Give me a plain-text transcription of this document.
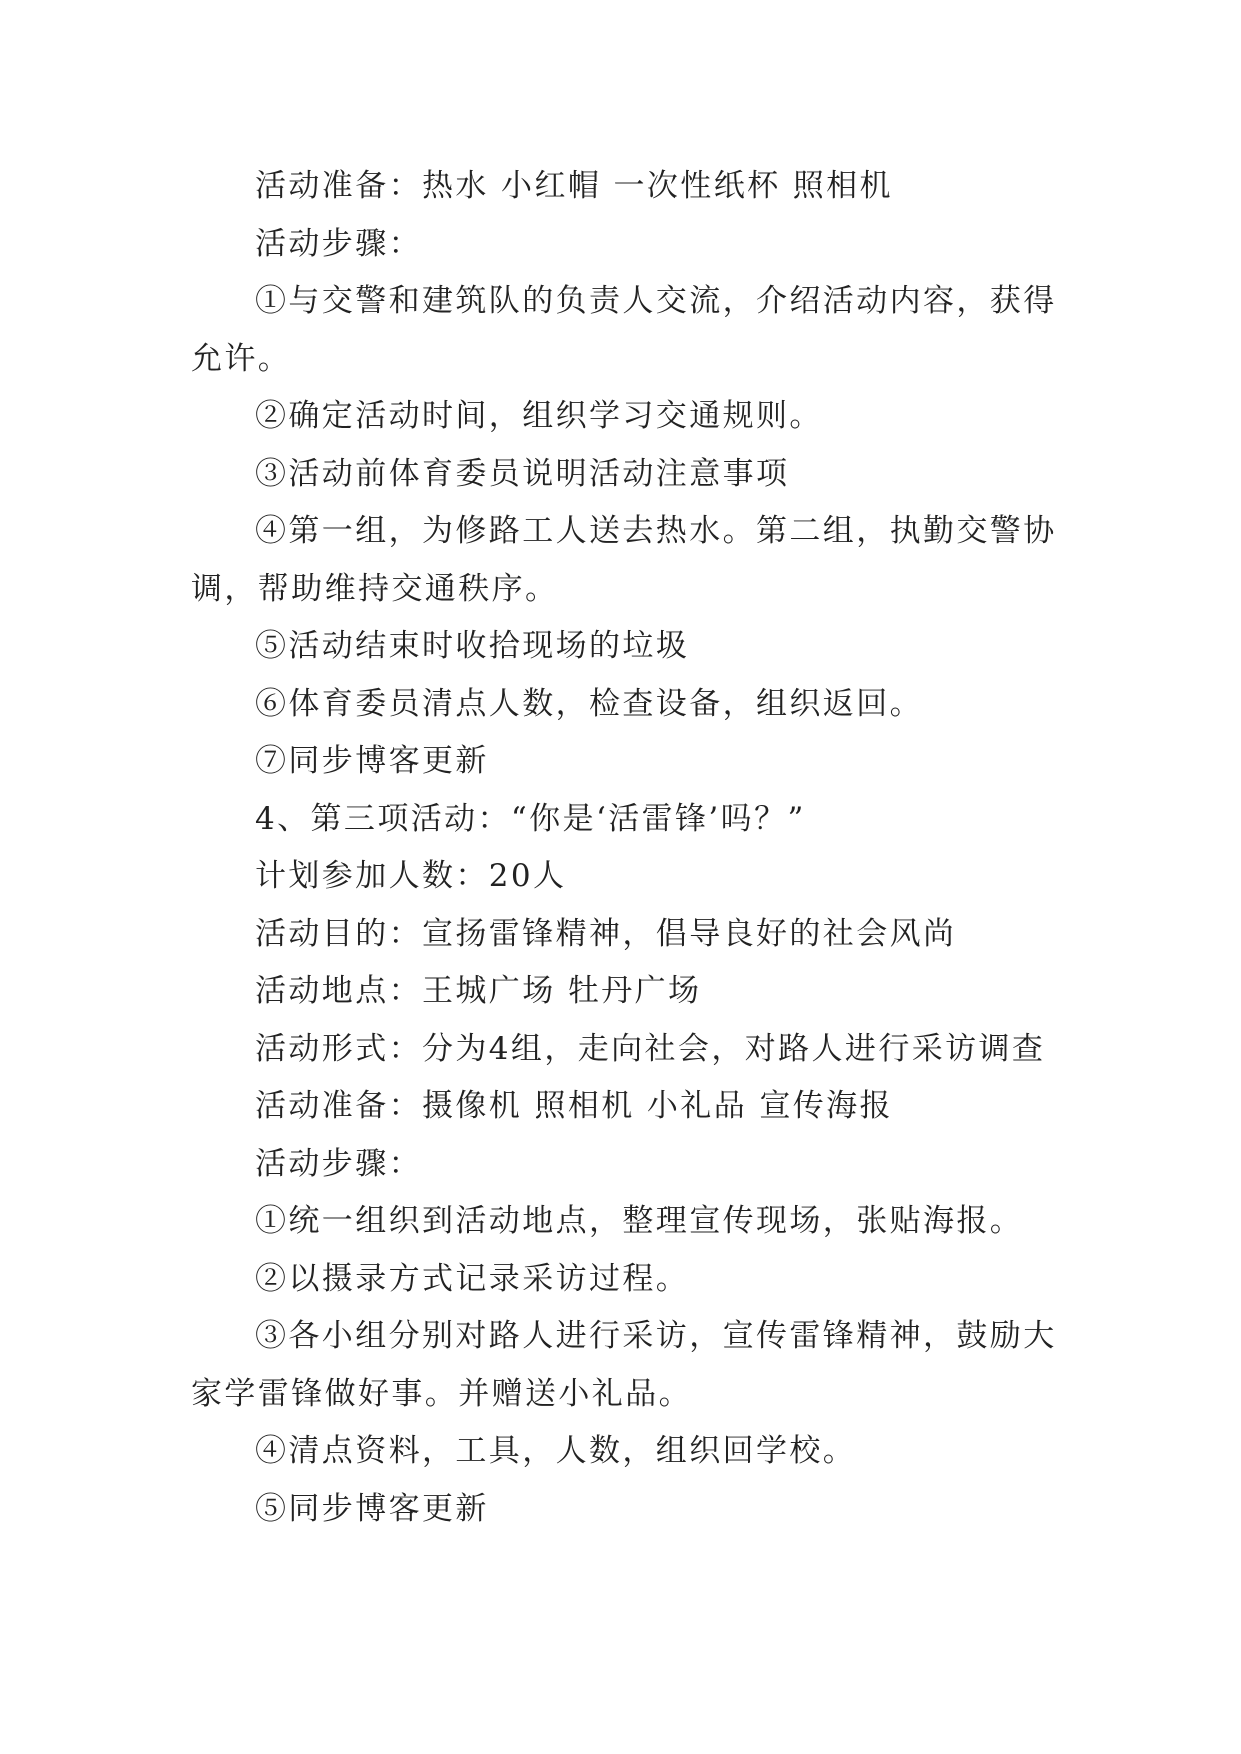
活动准备：热水 小红帽 一次性纸杯 照相机

活动步骤：

①与交警和建筑队的负责人交流，介绍活动内容，获得允许。

②确定活动时间，组织学习交通规则。

③活动前体育委员说明活动注意事项

④第一组，为修路工人送去热水。第二组，执勤交警协调，帮助维持交通秩序。

⑤活动结束时收拾现场的垃圾

⑥体育委员清点人数，检查设备，组织返回。

⑦同步博客更新

4、第三项活动：“你是‘活雷锋’吗？”

计划参加人数：20人

活动目的：宣扬雷锋精神，倡导良好的社会风尚

活动地点：王城广场 牡丹广场

活动形式：分为4组，走向社会，对路人进行采访调查

活动准备：摄像机 照相机 小礼品 宣传海报

活动步骤：

①统一组织到活动地点，整理宣传现场，张贴海报。

②以摄录方式记录采访过程。

③各小组分别对路人进行采访，宣传雷锋精神，鼓励大家学雷锋做好事。并赠送小礼品。

④清点资料，工具，人数，组织回学校。

⑤同步博客更新
